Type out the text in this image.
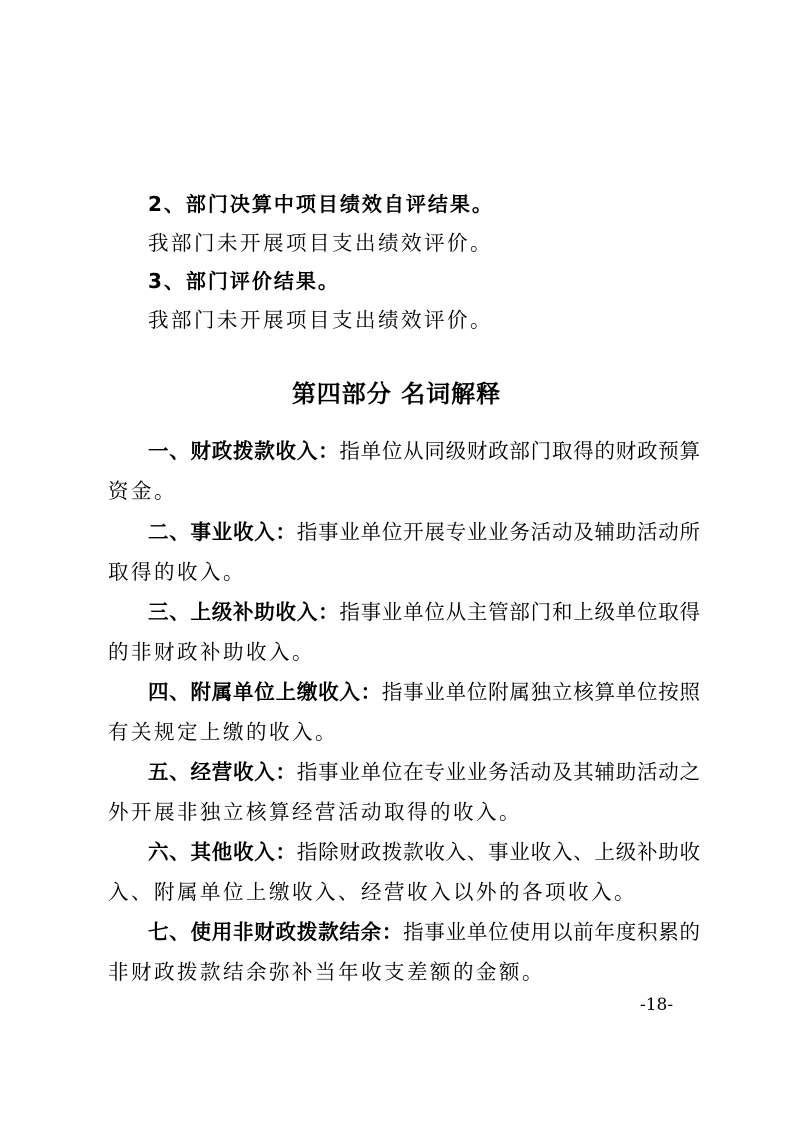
2、部门决算中项目绩效自评结果。
我部门未开展项目支出绩效评价。
3、部门评价结果。
我部门未开展项目支出绩效评价。
第四部分 名词解释
一、财政拨款收入：指单位从同级财政部门取得的财政预算
资金。
二、事业收入：指事业单位开展专业业务活动及辅助活动所
取得的收入。
三、上级补助收入：指事业单位从主管部门和上级单位取得
的非财政补助收入。
四、附属单位上缴收入：指事业单位附属独立核算单位按照
有关规定上缴的收入。
五、经营收入：指事业单位在专业业务活动及其辅助活动之
外开展非独立核算经营活动取得的收入。
六、其他收入：指除财政拨款收入、事业收入、上级补助收
入、附属单位上缴收入、经营收入以外的各项收入。
七、使用非财政拨款结余：指事业单位使用以前年度积累的
非财政拨款结余弥补当年收支差额的金额。
-18-
